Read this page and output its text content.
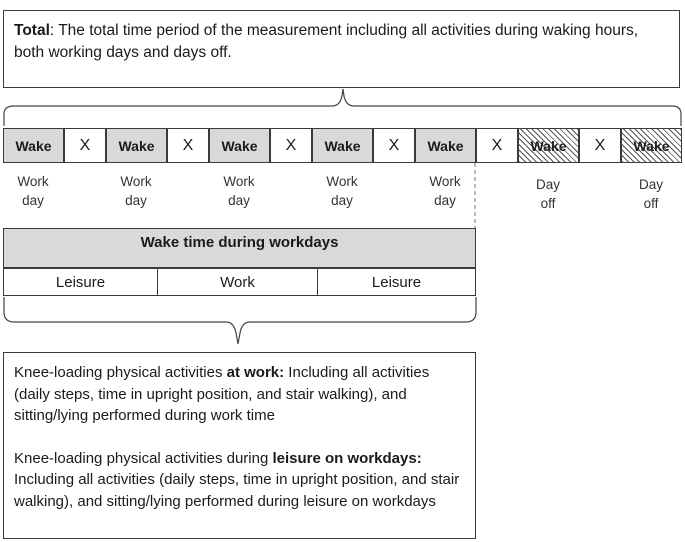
Total: The total time period of the measurement including all activities during waking hours, both working days and days off.
Wake X Wake X Wake X Wake X Wake X Wake X Wake
Work
day
Work
day
Work
day
Work
day
Work
day
Day
off
Day
off
Wake time during workdays
Leisure	Work	Leisure

Knee-loading physical activities at work: Including all activities (daily steps, time in upright position, and stair walking), and sitting/lying performed during work time

Knee-loading physical activities during leisure on workdays: Including all activities (daily steps, time in upright position, and stair walking), and sitting/lying performed during leisure on workdays
